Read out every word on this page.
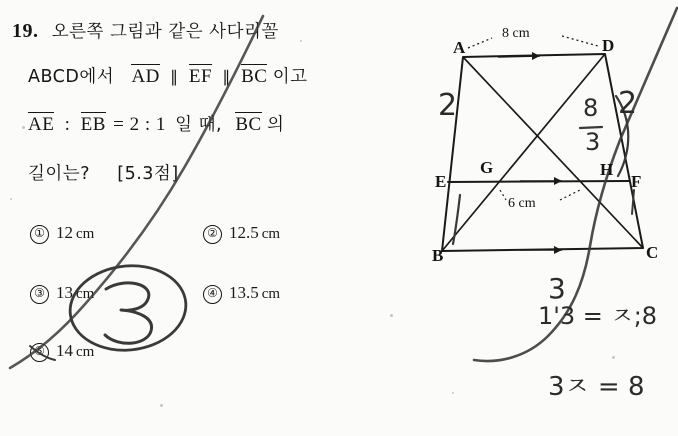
19. 오른쪽 그림과 같은 사다리꼴
ABCD에서 AD ∥ EF ∥ BC 이고
AE : EB = 2 : 1 일 때, BC 의
길이는? [5.3점]
① 12 cm	② 12.5 cm
③ 13 cm	④ 13.5 cm
⑤ 14 cm
A	D
E
G	H
F
B	C
8 cm
6 cm
2	2
8
3
3
1'3 = ㅈ;8
3ㅈ = 8
